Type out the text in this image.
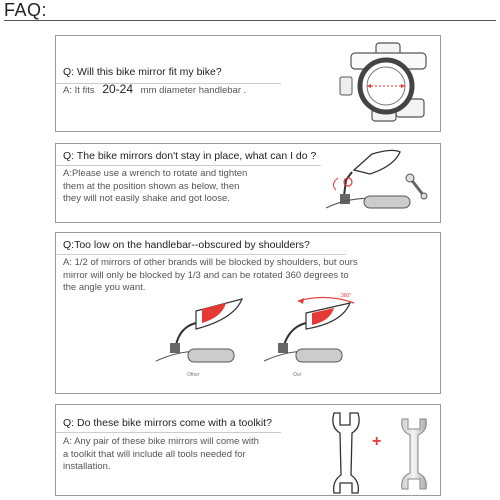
FAQ:
Q: Will this bike mirror fit my bike?
A: It fits 20-24 mm diameter handlebar .
Q: The bike mirrors don't stay in place, what can I do ?
A:Please use a wrench to rotate and tighten
them at the position shown as below, then
they will not easily shake and got loose.
Q:Too low on the handlebar--obscured by shoulders?
A: 1/2 of mirrors of other brands will be blocked by shoulders, but ours
mirror will only be blocked by 1/3 and can be rotated 360 degrees to
the angle you want.
360°
Other	Our
Q: Do these bike mirrors come with a toolkit?
A: Any pair of these bike mirrors will come with
a toolkit that will include all tools needed for
installation.
+
